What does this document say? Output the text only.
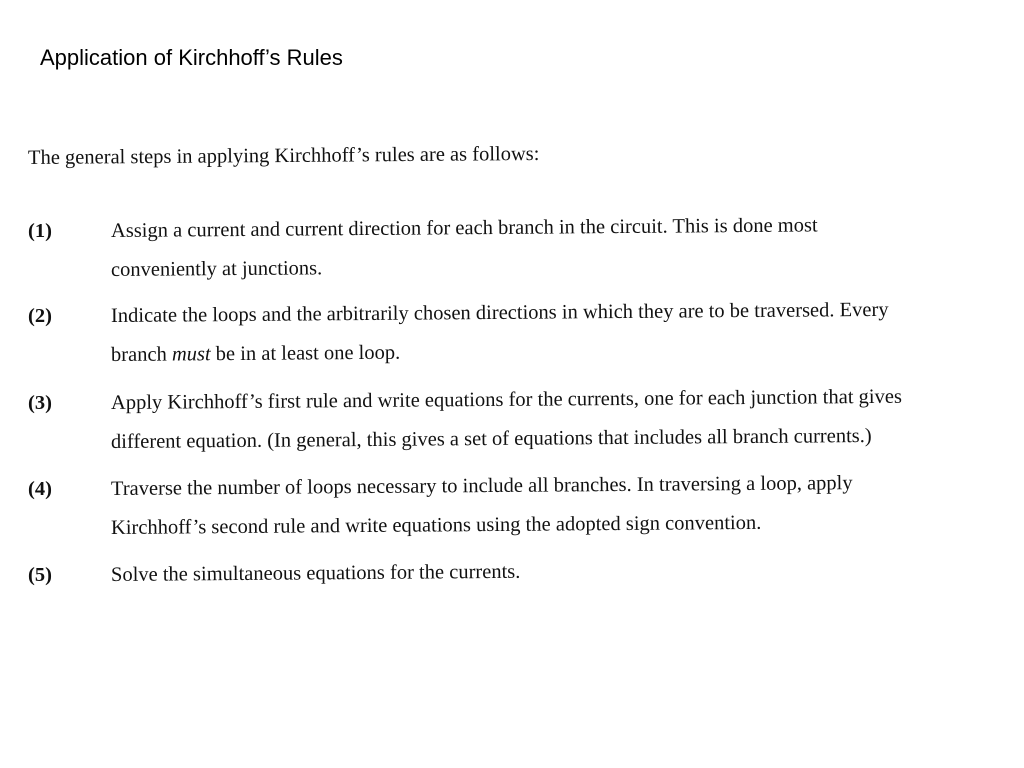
Application of Kirchhoff’s Rules
The general steps in applying Kirchhoff’s rules are as follows:
(1)	Assign a current and current direction for each branch in the circuit. This is done most
conveniently at junctions.
(2)	Indicate the loops and the arbitrarily chosen directions in which they are to be traversed. Every
branch must be in at least one loop.
(3)	Apply Kirchhoff’s first rule and write equations for the currents, one for each junction that gives
different equation. (In general, this gives a set of equations that includes all branch currents.)
(4)	Traverse the number of loops necessary to include all branches. In traversing a loop, apply
Kirchhoff’s second rule and write equations using the adopted sign convention.
(5)	Solve the simultaneous equations for the currents.
